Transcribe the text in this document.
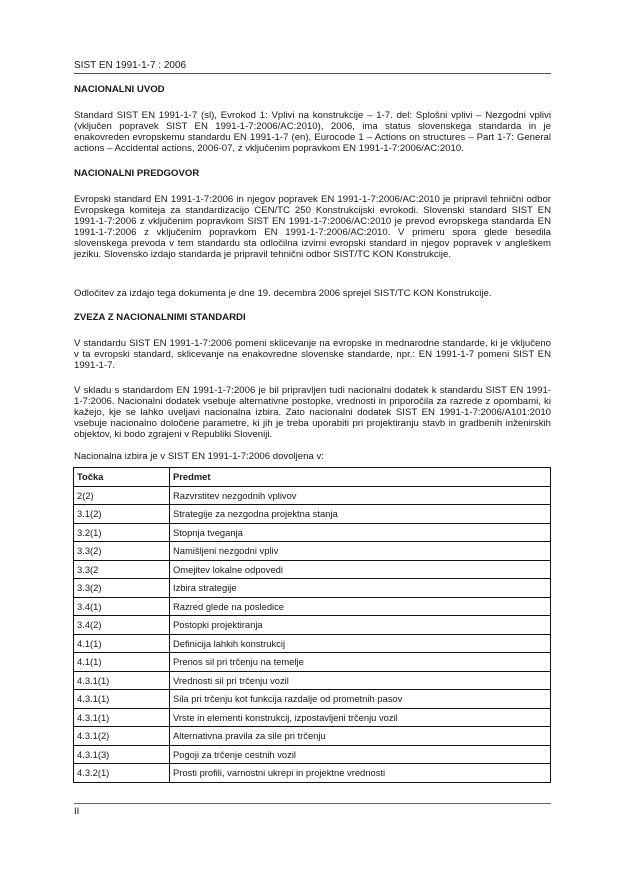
SIST EN 1991-1-7 : 2006
NACIONALNI UVOD

Standard SIST EN 1991-1-7 (sl), Evrokod 1: Vplivi na konstrukcije – 1-7. del: Splošni vplivi – Nezgodni vplivi (vključen popravek SIST EN 1991-1-7:2006/AC:2010), 2006, ima status slovenskega standarda in je enakovreden evropskemu standardu EN 1991-1-7 (en), Eurocode 1 – Actions on structures – Part 1-7: General actions – Accidental actions, 2006-07, z vključenim popravkom EN 1991-1-7:2006/AC:2010.

NACIONALNI PREDGOVOR

Evropski standard EN 1991-1-7:2006 in njegov popravek EN 1991-1-7:2006/AC:2010 je pripravil tehnični odbor Evropskega komiteja za standardizacijo CEN/TC 250 Konstrukcijski evrokodi. Slovenski standard SIST EN 1991-1-7:2006 z vključenim popravkom SIST EN 1991-1-7:2006/AC:2010 je prevod evropskega standarda EN 1991-1-7:2006 z vključenim popravkom EN 1991-1-7:2006/AC:2010. V primeru spora glede besedila slovenskega prevoda v tem standardu sta odločilna izvirni evropski standard in njegov popravek v angleškem jeziku. Slovensko izdajo standarda je pripravil tehnični odbor SIST/TC KON Konstrukcije.

Odločitev za izdajo tega dokumenta je dne 19. decembra 2006 sprejel SIST/TC KON Konstrukcije.

ZVEZA Z NACIONALNIMI STANDARDI

V standardu SIST EN 1991-1-7:2006 pomeni sklicevanje na evropske in mednarodne standarde, ki je vključeno v ta evropski standard, sklicevanje na enakovredne slovenske standarde, npr.: EN 1991-1-7 pomeni SIST EN 1991-1-7.

V skladu s standardom EN 1991-1-7:2006 je bil pripravljen tudi nacionalni dodatek k standardu SIST EN 1991-1-7:2006. Nacionalni dodatek vsebuje alternativne postopke, vrednosti in priporočila za razrede z opombami, ki kažejo, kje se lahko uveljavi nacionalna izbira. Zato nacionalni dodatek SIST EN 1991-1-7:2006/A101:2010 vsebuje nacionalno določene parametre, ki jih je treba uporabiti pri projektiranju stavb in gradbenih inženirskih objektov, ki bodo zgrajeni v Republiki Sloveniji.

Nacionalna izbira je v SIST EN 1991-1-7:2006 dovoljena v:

Točka	Predmet
2(2)	Razvrstitev nezgodnih vplivov
3.1(2)	Strategije za nezgodna projektna stanja
3.2(1)	Stopnja tveganja
3.3(2)	Namišljeni nezgodni vpliv
3.3(2	Omejitev lokalne odpovedi
3.3(2)	Izbira strategije
3.4(1)	Razred glede na posledice
3.4(2)	Postopki projektiranja
4.1(1)	Definicija lahkih konstrukcij
4.1(1)	Prenos sil pri trčenju na temelje
4.3.1(1)	Vrednosti sil pri trčenju vozil
4.3.1(1)	Sila pri trčenju kot funkcija razdalje od prometnih pasov
4.3.1(1)	Vrste in elementi konstrukcij, izpostavljeni trčenju vozil
4.3.1(2)	Alternativna pravila za sile pri trčenju
4.3.1(3)	Pogoji za trčenje cestnih vozil
4.3.2(1)	Prosti profili, varnostni ukrepi in projektne vrednosti
II
